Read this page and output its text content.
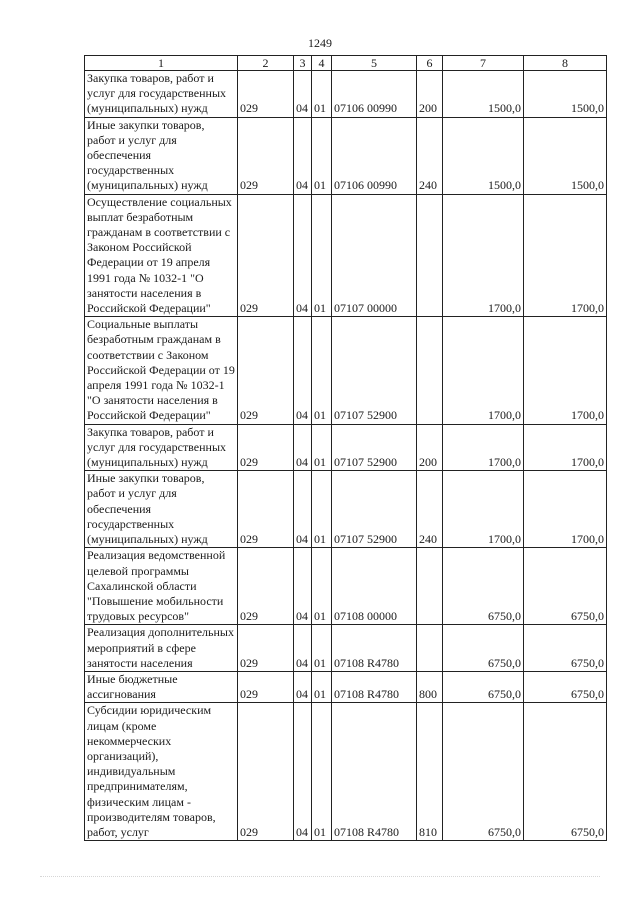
1249
1	2	3	4	5	6	7	8
Закупка товаров, работ и услуг для государственных (муниципальных) нужд	029	04	01	07106 00990	200	1500,0	1500,0
Иные закупки товаров, работ и услуг для обеспечения государственных (муниципальных) нужд	029	04	01	07106 00990	240	1500,0	1500,0
Осуществление социальных выплат безработным гражданам в соответствии с Законом Российской Федерации от 19 апреля 1991 года № 1032-1 "О занятости населения в Российской Федерации"	029	04	01	07107 00000		1700,0	1700,0
Социальные выплаты безработным гражданам в соответствии с Законом Российской Федерации от 19 апреля 1991 года № 1032-1 "О занятости населения в Российской Федерации"	029	04	01	07107 52900		1700,0	1700,0
Закупка товаров, работ и услуг для государственных (муниципальных) нужд	029	04	01	07107 52900	200	1700,0	1700,0
Иные закупки товаров, работ и услуг для обеспечения государственных (муниципальных) нужд	029	04	01	07107 52900	240	1700,0	1700,0
Реализация ведомственной целевой программы Сахалинской области "Повышение мобильности трудовых ресурсов"	029	04	01	07108 00000		6750,0	6750,0
Реализация дополнительных мероприятий в сфере занятости населения	029	04	01	07108 R4780		6750,0	6750,0
Иные бюджетные ассигнования	029	04	01	07108 R4780	800	6750,0	6750,0
Субсидии юридическим лицам (кроме некоммерческих организаций), индивидуальным предпринимателям, физическим лицам - производителям товаров, работ, услуг	029	04	01	07108 R4780	810	6750,0	6750,0
